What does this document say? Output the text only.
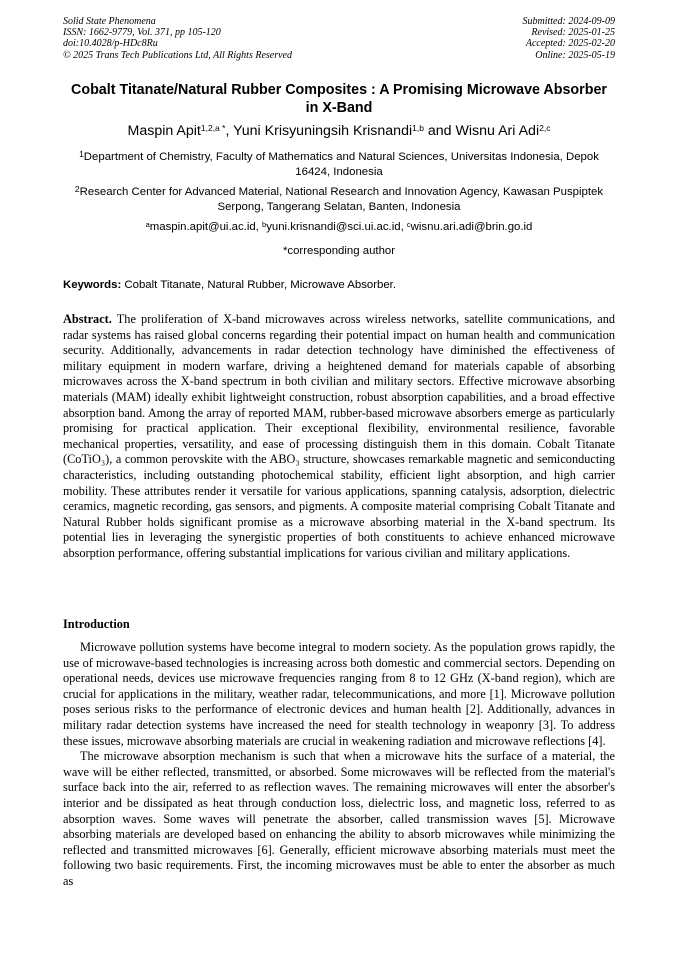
Solid State Phenomena
ISSN: 1662-9779, Vol. 371, pp 105-120
doi:10.4028/p-HDc8Ru
© 2025 Trans Tech Publications Ltd, All Rights Reserved
Submitted: 2024-09-09
Revised: 2025-01-25
Accepted: 2025-02-20
Online: 2025-05-19
Cobalt Titanate/Natural Rubber Composites : A Promising Microwave Absorber in X-Band
Maspin Apit$^{1,2,a *}$, Yuni Krisyuningsih Krisnandi$^{1,b}$ and Wisnu Ari Adi$^{2,c}$
$^1$Department of Chemistry, Faculty of Mathematics and Natural Sciences, Universitas Indonesia, Depok 16424, Indonesia
$^2$Research Center for Advanced Material, National Research and Innovation Agency, Kawasan Puspiptek Serpong, Tangerang Selatan, Banten, Indonesia
$^a$maspin.apit@ui.ac.id, $^b$yuni.krisnandi@sci.ui.ac.id, $^c$wisnu.ari.adi@brin.go.id
*corresponding author
Keywords: Cobalt Titanate, Natural Rubber, Microwave Absorber.
Abstract. The proliferation of X-band microwaves across wireless networks, satellite communications, and radar systems has raised global concerns regarding their potential impact on human health and communication security. Additionally, advancements in radar detection technology have diminished the effectiveness of military equipment in modern warfare, driving a heightened demand for materials capable of absorbing microwaves across the X-band spectrum in both civilian and military sectors. Effective microwave absorbing materials (MAM) ideally exhibit lightweight construction, robust absorption capabilities, and a broad effective absorption band. Among the array of reported MAM, rubber-based microwave absorbers emerge as particularly promising for practical application. Their exceptional flexibility, environmental resilience, favorable mechanical properties, versatility, and ease of processing distinguish them in this domain. Cobalt Titanate (CoTiO₃), a common perovskite with the ABO₃ structure, showcases remarkable magnetic and semiconducting characteristics, including outstanding photochemical stability, efficient light absorption, and high carrier mobility. These attributes render it versatile for various applications, spanning catalysis, adsorption, dielectric ceramics, magnetic recording, gas sensors, and pigments. A composite material comprising Cobalt Titanate and Natural Rubber holds significant promise as a microwave absorbing material in the X-band spectrum. Its potential lies in leveraging the synergistic properties of both constituents to achieve enhanced microwave absorption performance, offering substantial implications for various civilian and military applications.
Introduction

Microwave pollution systems have become integral to modern society. As the population grows rapidly, the use of microwave-based technologies is increasing across both domestic and commercial sectors. Depending on operational needs, devices use microwave frequencies ranging from 8 to 12 GHz (X-band region), which are crucial for applications in the military, weather radar, telecommunications, and more [1]. Microwave pollution poses serious risks to the performance of electronic devices and human health [2]. Additionally, advances in military radar detection systems have increased the need for stealth technology in weaponry [3]. To address these issues, microwave absorbing materials are crucial in weakening radiation and microwave reflections [4].

The microwave absorption mechanism is such that when a microwave hits the surface of a material, the wave will be either reflected, transmitted, or absorbed. Some microwaves will be reflected from the material's surface back into the air, referred to as reflection waves. The remaining microwaves will enter the absorber's interior and be dissipated as heat through conduction loss, dielectric loss, and magnetic loss, referred to as absorption waves. Some waves will penetrate the absorber, called transmission waves [5]. Microwave absorbing materials are developed based on enhancing the ability to absorb microwaves while minimizing the reflected and transmitted microwaves [6]. Generally, efficient microwave absorbing materials must meet the following two basic requirements. First, the incoming microwaves must be able to enter the absorber as much as
